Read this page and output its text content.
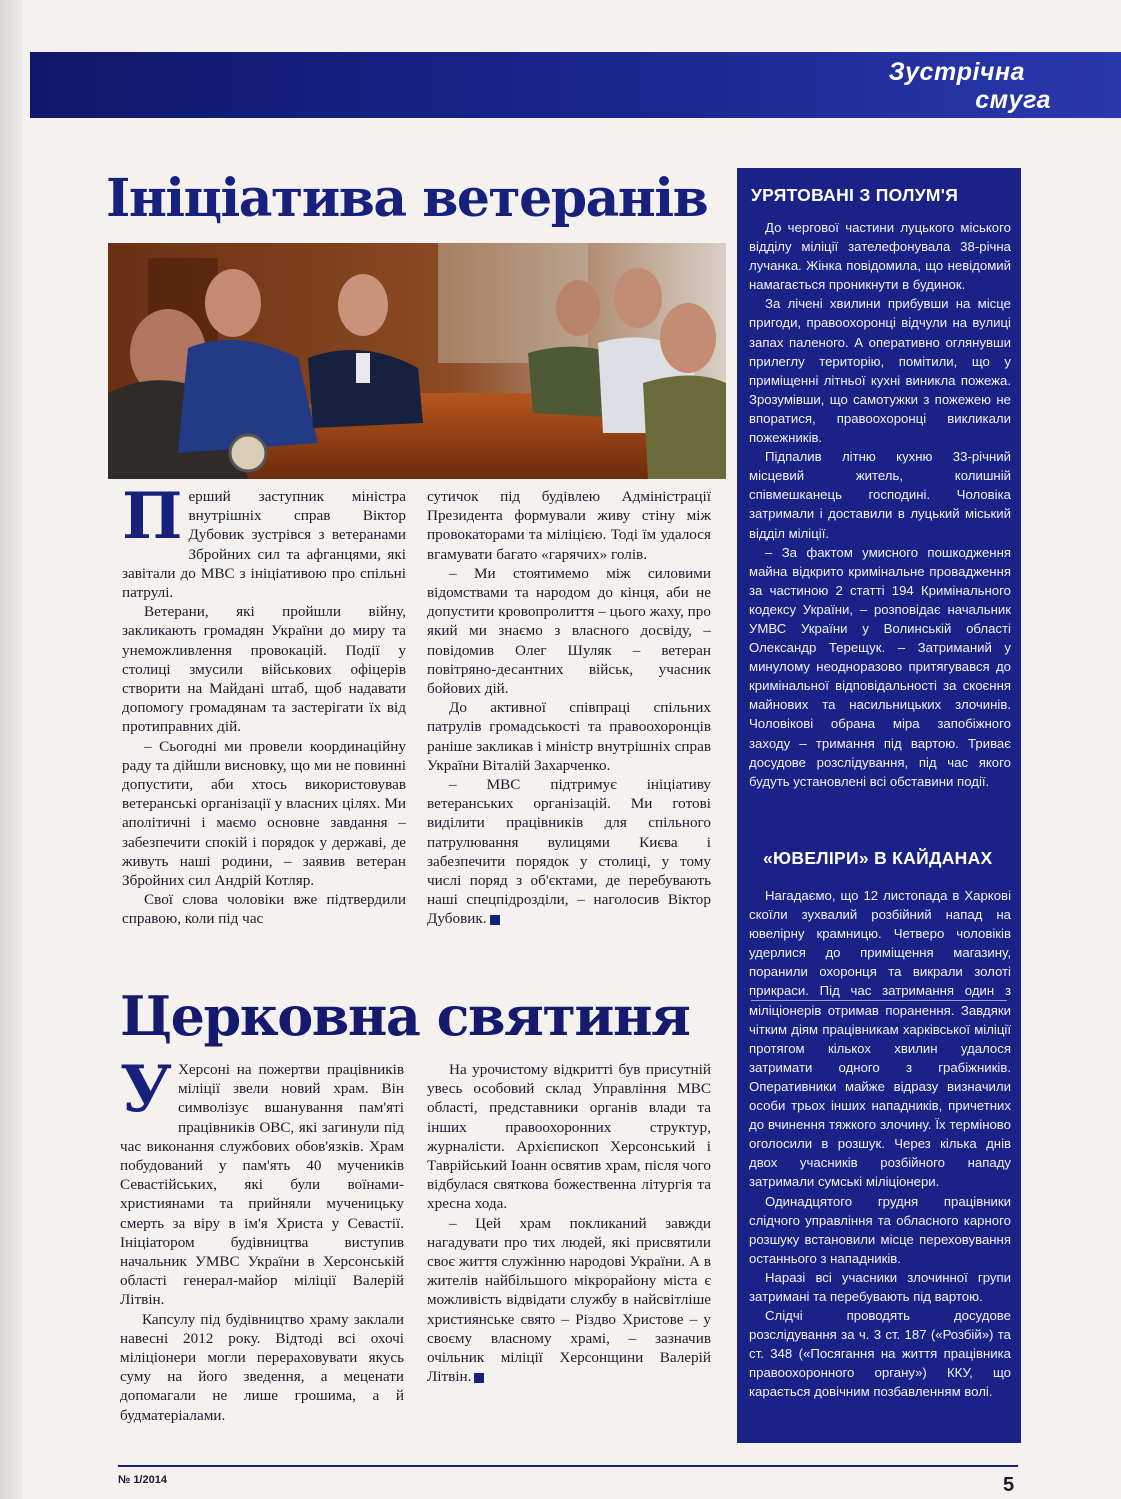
Зустрічна
смуга
Ініціатива ветеранів

Перший заступник міністра внутрішніх справ Віктор Дубовик зустрівся з ветеранами Збройних сил та афганцями, які завітали до МВС з ініціативою про спільні патрулі.

Ветерани, які пройшли війну, закликають громадян України до миру та унеможливлення провокацій. Події у столиці змусили військових офіцерів створити на Майдані штаб, щоб надавати допомогу громадянам та застерігати їх від протиправних дій.

– Сьогодні ми провели координаційну раду та дійшли висновку, що ми не повинні допустити, аби хтось використовував ветеранські організації у власних цілях. Ми аполітичні і маємо основне завдання – забезпечити спокій і порядок у державі, де живуть наші родини, – заявив ветеран Збройних сил Андрій Котляр.

Свої слова чоловіки вже підтвердили справою, коли під час

сутичок під будівлею Адміністрації Президента формували живу стіну між провокаторами та міліцією. Тоді їм удалося вгамувати багато «гарячих» голів.

– Ми стоятимемо між силовими відомствами та народом до кінця, аби не допустити кровопролиття – цього жаху, про який ми знаємо з власного досвіду, – повідомив Олег Шуляк – ветеран повітряно-десантних військ, учасник бойових дій.

До активної співпраці спільних патрулів громадськості та правоохоронців раніше закликав і міністр внутрішніх справ України Віталій Захарченко.

– МВС підтримує ініціативу ветеранських організацій. Ми готові виділити працівників для спільного патрулювання вулицями Києва і забезпечити порядок у столиці, у тому числі поряд з об'єктами, де перебувають наші спецпідрозділи, – наголосив Віктор Дубовик.

Церковна святиня

У Херсоні на пожертви працівників міліції звели новий храм. Він символізує вшанування пам'яті працівників ОВС, які загинули під час виконання службових обов'язків. Храм побудований у пам'ять 40 мучеників Севастійських, які були воїнами-християнами та прийняли мученицьку смерть за віру в ім'я Христа у Севастії. Ініціатором будівництва виступив начальник УМВС України в Херсонській області генерал-майор міліції Валерій Літвін.

Капсулу під будівництво храму заклали навесні 2012 року. Відтоді всі охочі міліціонери могли перераховувати якусь суму на його зведення, а меценати допомагали не лише грошима, а й будматеріалами.

На урочистому відкритті був присутній увесь особовий склад Управління МВС області, представники органів влади та інших правоохоронних структур, журналісти. Архієпископ Херсонський і Таврійський Іоанн освятив храм, після чого відбулася святкова божественна літургія та хресна хода.

– Цей храм покликаний завжди нагадувати про тих людей, які присвятили своє життя служінню народові України. А в жителів найбільшого мікрорайону міста є можливість відвідати службу в найсвітліше християнське свято – Різдво Христове – у своєму власному храмі, – зазначив очільник міліції Херсонщини Валерій Літвін.

УРЯТОВАНІ З ПОЛУМ'Я

До чергової частини луцького міського відділу міліції зателефонувала 38-річна лучанка. Жінка повідомила, що невідомий намагається проникнути в будинок.

За лічені хвилини прибувши на місце пригоди, правоохоронці відчули на вулиці запах паленого. А оперативно оглянувши прилеглу територію, помітили, що у приміщенні літньої кухні виникла пожежа. Зрозумівши, що самотужки з пожежею не впоратися, правоохоронці викликали пожежників.

Підпалив літню кухню 33-річний місцевий житель, колишній співмешканець господині. Чоловіка затримали і доставили в луцький міський відділ міліції.

– За фактом умисного пошкодження майна відкрито кримінальне провадження за частиною 2 статті 194 Кримінального кодексу України, – розповідає начальник УМВС України у Волинській області Олександр Терещук. – Затриманий у минулому неодноразово притягувався до кримінальної відповідальності за скоєння майнових та насильницьких злочинів. Чоловікові обрана міра запобіжного заходу – тримання під вартою. Триває досудове розслідування, під час якого будуть установлені всі обставини події.

«ЮВЕЛІРИ» В КАЙДАНАХ

Нагадаємо, що 12 листопада в Харкові скоїли зухвалий розбійний напад на ювелірну крамницю. Четверо чоловіків удерлися до приміщення магазину, поранили охоронця та викрали золоті прикраси. Під час затримання один з міліціонерів отримав поранення. Завдяки чітким діям працівникам харківської міліції протягом кількох хвилин удалося затримати одного з грабіжників. Оперативники майже відразу визначили особи трьох інших нападників, причетних до вчинення тяжкого злочину. Їх терміново оголосили в розшук. Через кілька днів двох учасників розбійного нападу затримали сумські міліціонери.

Одинадцятого грудня працівники слідчого управління та обласного карного розшуку встановили місце переховування останнього з нападників.

Наразі всі учасники злочинної групи затримані та перебувають під вартою.

Слідчі проводять досудове розслідування за ч. 3 ст. 187 («Розбій») та ст. 348 («Посягання на життя працівника правоохоронного органу») ККУ, що карається довічним позбавленням волі.

№ 1/2014	5
